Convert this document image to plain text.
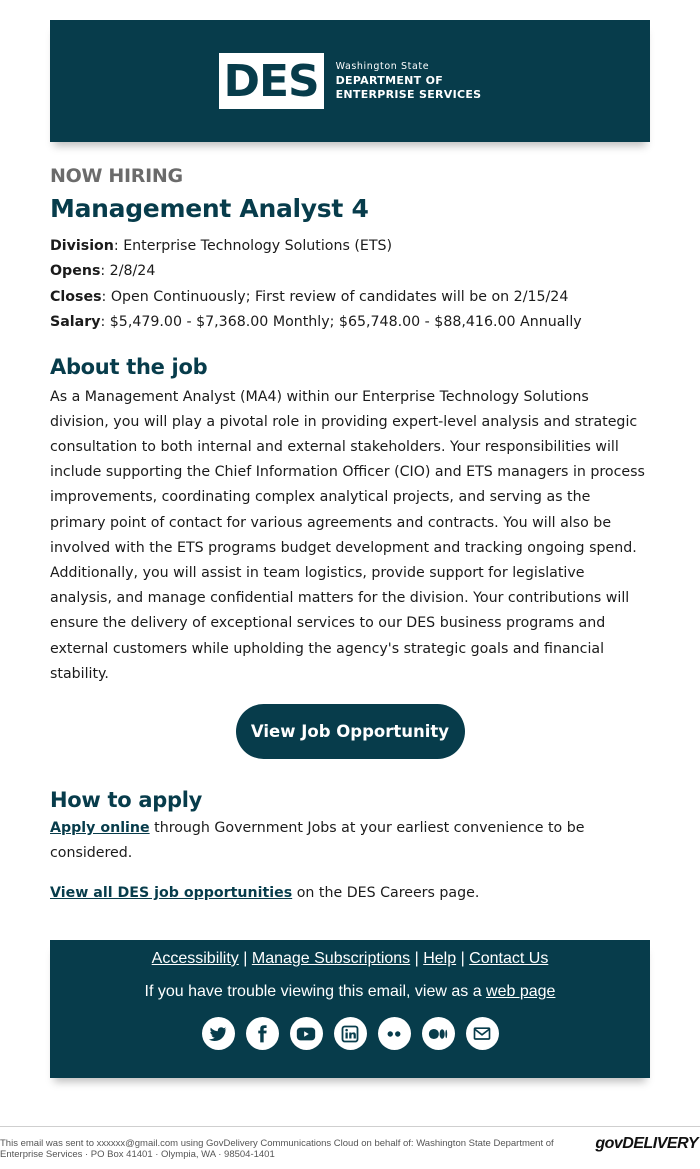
DES	Washington State
DEPARTMENT OF
ENTERPRISE SERVICES
NOW HIRING
Management Analyst 4
Division: Enterprise Technology Solutions (ETS)
Opens: 2/8/24
Closes: Open Continuously; First review of candidates will be on 2/15/24
Salary: $5,479.00 - $7,368.00 Monthly; $65,748.00 - $88,416.00 Annually
About the job
As a Management Analyst (MA4) within our Enterprise Technology Solutions division, you will play a pivotal role in providing expert-level analysis and strategic consultation to both internal and external stakeholders. Your responsibilities will include supporting the Chief Information Officer (CIO) and ETS managers in process improvements, coordinating complex analytical projects, and serving as the primary point of contact for various agreements and contracts. You will also be involved with the ETS programs budget development and tracking ongoing spend. Additionally, you will assist in team logistics, provide support for legislative analysis, and manage confidential matters for the division. Your contributions will ensure the delivery of exceptional services to our DES business programs and external customers while upholding the agency's strategic goals and financial stability.
View Job Opportunity
How to apply
Apply online through Government Jobs at your earliest convenience to be considered.
View all DES job opportunities on the DES Careers page.
Accessibility | Manage Subscriptions | Help | Contact Us
If you have trouble viewing this email, view as a web page
This email was sent to xxxxxx@gmail.com using GovDelivery Communications Cloud on behalf of: Washington State Department of Enterprise Services · PO Box 41401 · Olympia, WA · 98504-1401
govDELIVERY
